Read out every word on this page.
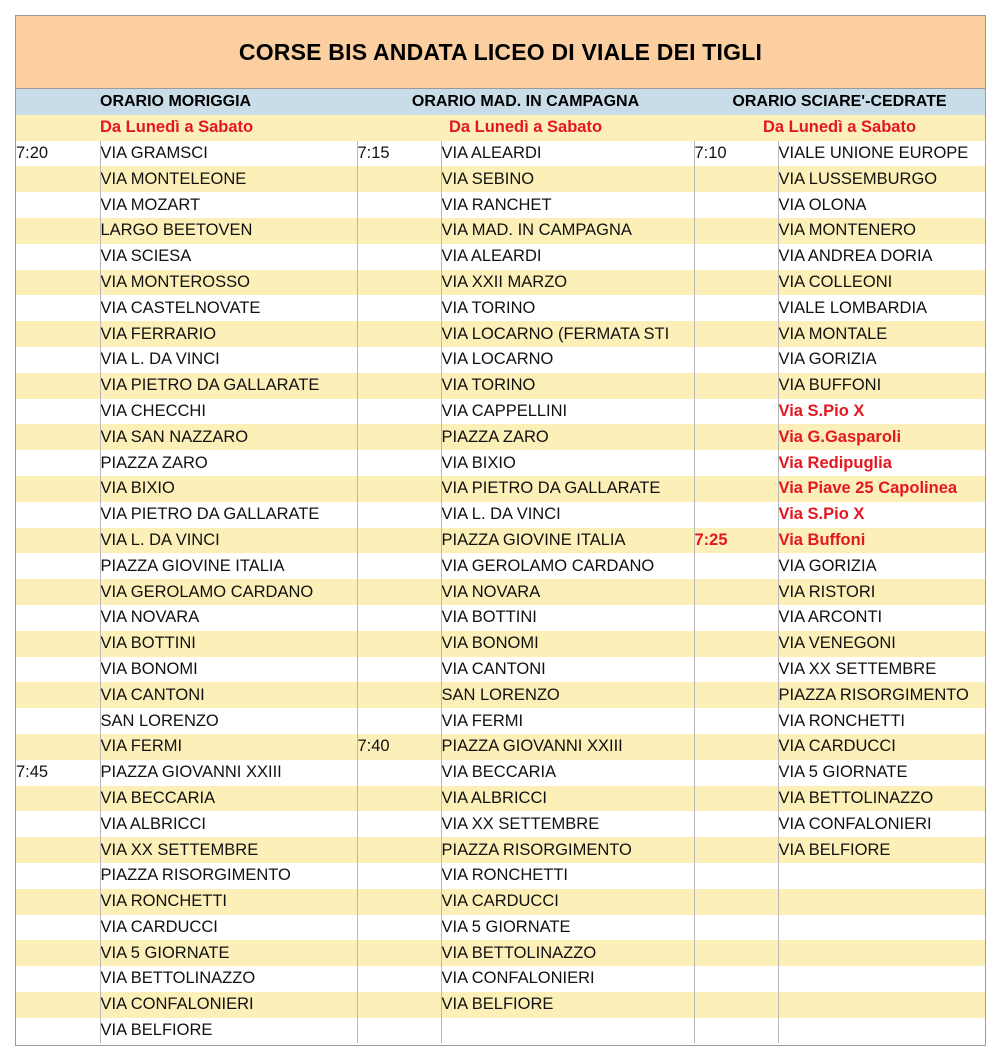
CORSE BIS ANDATA LICEO DI VIALE DEI TIGLI
	ORARIO MORIGGIA	ORARIO MAD. IN CAMPAGNA		ORARIO SCIARE'-CEDRATE	
	Da Lunedì a Sabato	Da Lunedì a Sabato		Da Lunedì a Sabato	
7:20	VIA GRAMSCI	7:15	VIA ALEARDI	7:10	VIALE UNIONE EUROPE
	VIA MONTELEONE		VIA SEBINO		VIA LUSSEMBURGO
	VIA MOZART		VIA RANCHET		VIA OLONA
	LARGO BEETOVEN		VIA MAD. IN CAMPAGNA		VIA MONTENERO
	VIA SCIESA		VIA ALEARDI		VIA ANDREA DORIA
	VIA MONTEROSSO		VIA XXII MARZO		VIA COLLEONI
	VIA CASTELNOVATE		VIA TORINO		VIALE LOMBARDIA
	VIA FERRARIO		VIA LOCARNO (FERMATA STI		VIA MONTALE
	VIA L. DA VINCI		VIA LOCARNO		VIA GORIZIA
	VIA PIETRO DA GALLARATE		VIA TORINO		VIA BUFFONI
	VIA CHECCHI		VIA CAPPELLINI		Via S.Pio X
	VIA SAN NAZZARO		PIAZZA ZARO		Via G.Gasparoli
	PIAZZA ZARO		VIA BIXIO		Via Redipuglia
	VIA BIXIO		VIA PIETRO DA GALLARATE		Via Piave 25 Capolinea
	VIA PIETRO DA GALLARATE		VIA L. DA VINCI		Via S.Pio X
	VIA L. DA VINCI		PIAZZA GIOVINE ITALIA	7:25	Via Buffoni
	PIAZZA GIOVINE ITALIA		VIA GEROLAMO CARDANO		VIA GORIZIA
	VIA GEROLAMO CARDANO		VIA NOVARA		VIA RISTORI
	VIA NOVARA		VIA BOTTINI		VIA ARCONTI
	VIA BOTTINI		VIA BONOMI		VIA VENEGONI
	VIA BONOMI		VIA CANTONI		VIA XX SETTEMBRE
	VIA CANTONI		SAN LORENZO		PIAZZA RISORGIMENTO
	SAN LORENZO		VIA FERMI		VIA RONCHETTI
	VIA FERMI	7:40	PIAZZA GIOVANNI XXIII		VIA CARDUCCI
7:45	PIAZZA GIOVANNI XXIII		VIA BECCARIA		VIA 5 GIORNATE
	VIA BECCARIA		VIA ALBRICCI		VIA BETTOLINAZZO
	VIA ALBRICCI		VIA XX SETTEMBRE		VIA CONFALONIERI
	VIA XX SETTEMBRE		PIAZZA RISORGIMENTO		VIA BELFIORE
	PIAZZA RISORGIMENTO		VIA RONCHETTI		
	VIA RONCHETTI		VIA CARDUCCI		
	VIA CARDUCCI		VIA 5 GIORNATE		
	VIA 5 GIORNATE		VIA BETTOLINAZZO		
	VIA BETTOLINAZZO		VIA CONFALONIERI		
	VIA CONFALONIERI		VIA BELFIORE		
	VIA BELFIORE				
